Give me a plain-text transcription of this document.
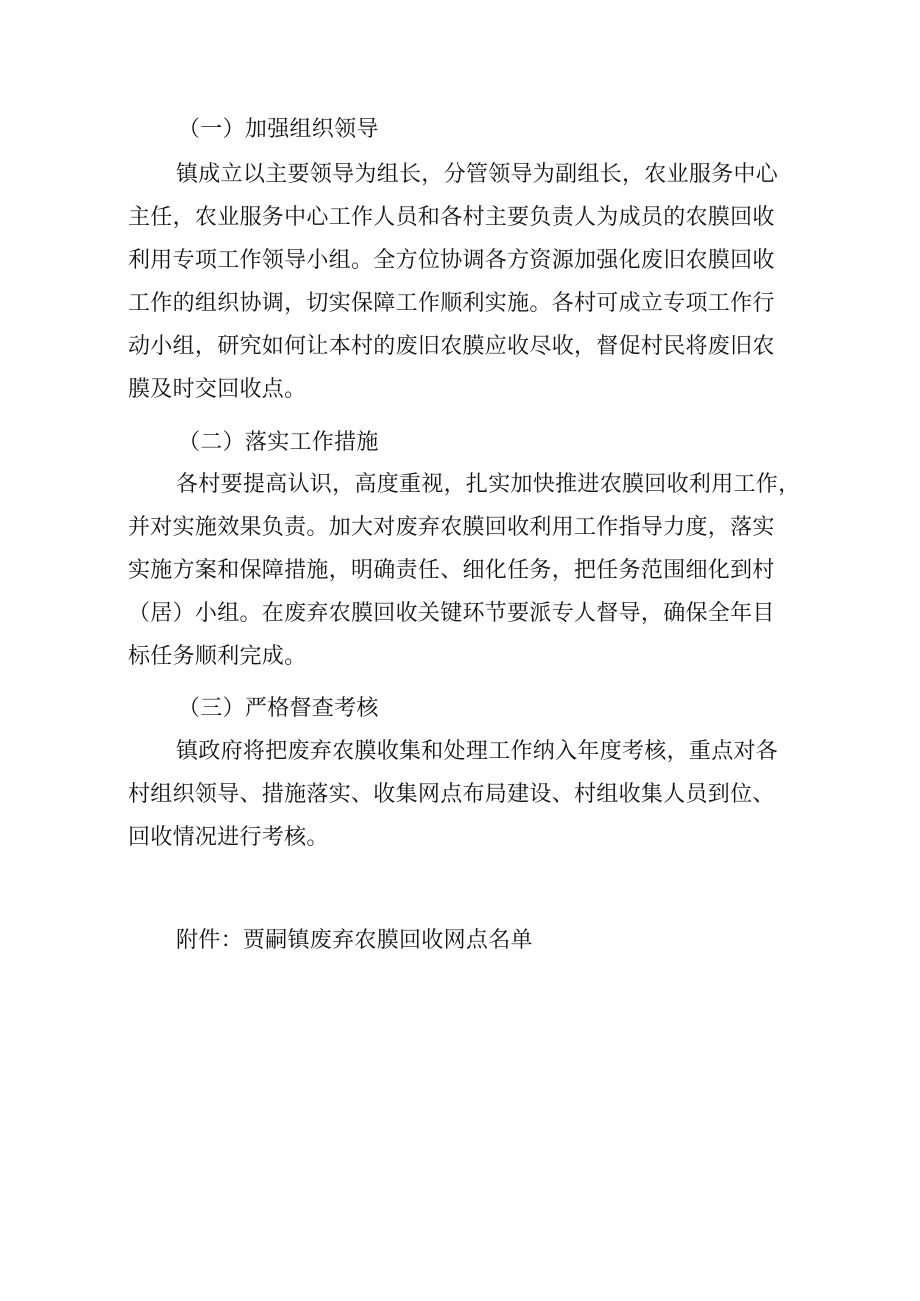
（一）加强组织领导
镇成立以主要领导为组长，分管领导为副组长，农业服务中心
主任，农业服务中心工作人员和各村主要负责人为成员的农膜回收
利用专项工作领导小组。全方位协调各方资源加强化废旧农膜回收
工作的组织协调，切实保障工作顺利实施。各村可成立专项工作行
动小组，研究如何让本村的废旧农膜应收尽收，督促村民将废旧农
膜及时交回收点。
（二）落实工作措施
各村要提高认识，高度重视，扎实加快推进农膜回收利用工作，
并对实施效果负责。加大对废弃农膜回收利用工作指导力度，落实
实施方案和保障措施，明确责任、细化任务，把任务范围细化到村
（居）小组。在废弃农膜回收关键环节要派专人督导，确保全年目
标任务顺利完成。
（三）严格督查考核
镇政府将把废弃农膜收集和处理工作纳入年度考核，重点对各
村组织领导、措施落实、收集网点布局建设、村组收集人员到位、
回收情况进行考核。
附件：贾嗣镇废弃农膜回收网点名单
